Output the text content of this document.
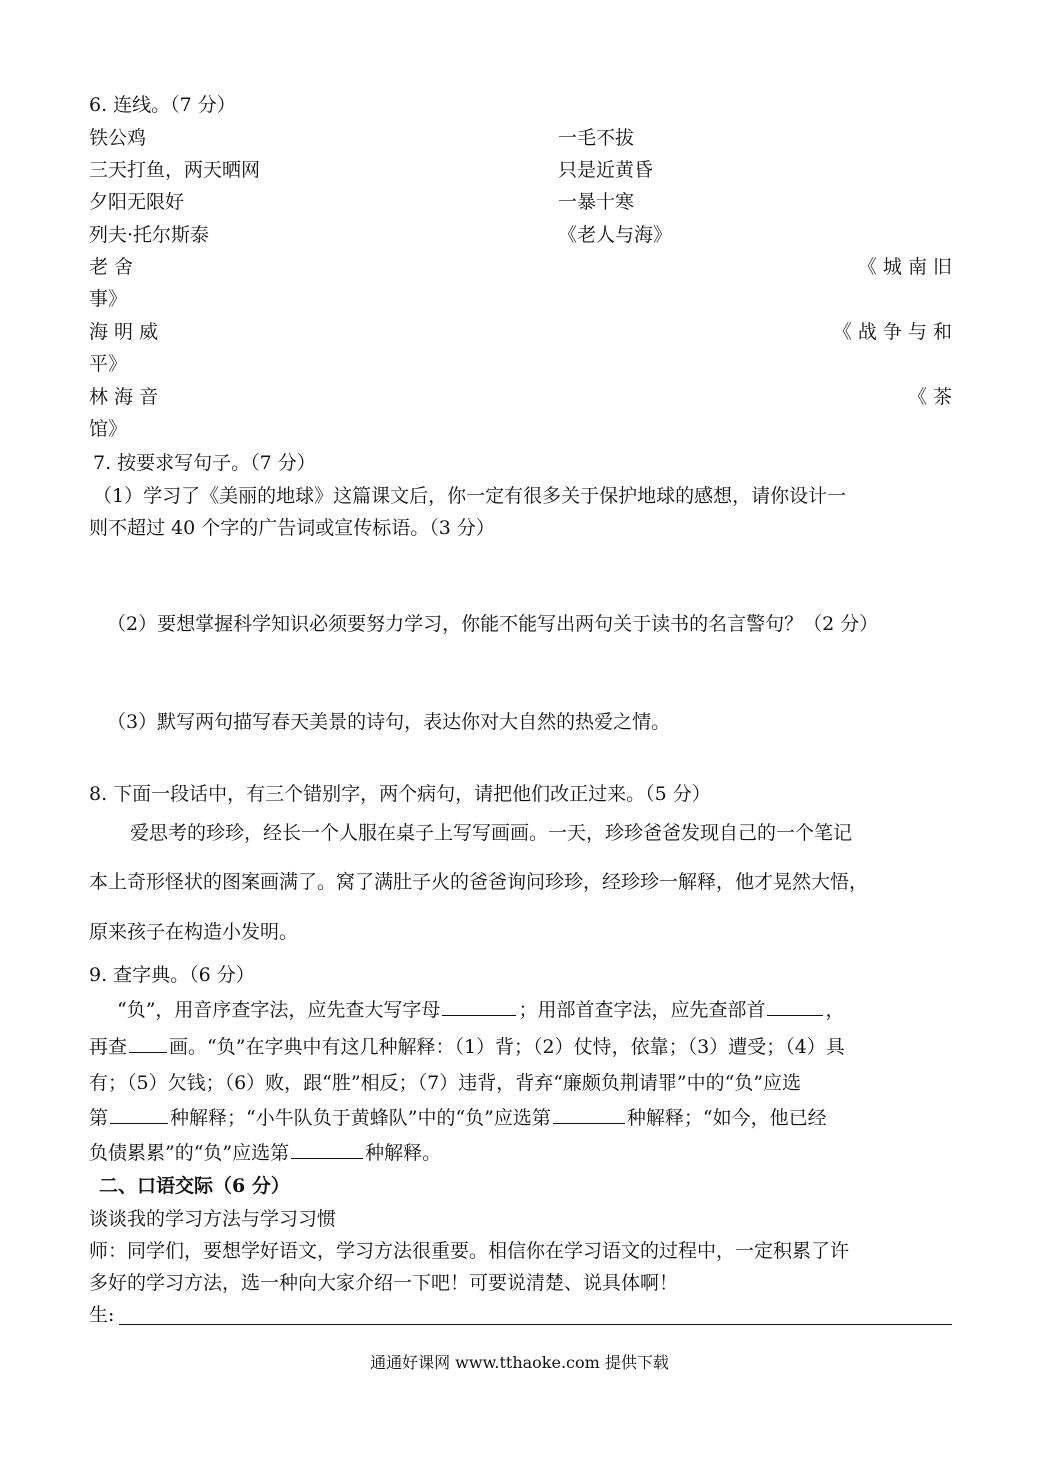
6. 连线。（7 分）
铁公鸡	一毛不拔
三天打鱼，两天晒网	只是近黄昏
夕阳无限好	一暴十寒
列夫·托尔斯泰	《老人与海》
老 舍	《 城 南 旧
事》
海 明 威	《 战 争 与 和
平》
林 海 音	《 茶
馆》
7. 按要求写句子。（7 分）
（1）学习了《美丽的地球》这篇课文后，你一定有很多关于保护地球的感想，请你设计一
则不超过 40 个字的广告词或宣传标语。（3 分）
（2）要想掌握科学知识必须要努力学习，你能不能写出两句关于读书的名言警句？（2 分）
（3）默写两句描写春天美景的诗句，表达你对大自然的热爱之情。
8. 下面一段话中，有三个错别字，两个病句，请把他们改正过来。（5 分）
爱思考的珍珍，经长一个人服在桌子上写写画画。一天，珍珍爸爸发现自己的一个笔记
本上奇形怪状的图案画满了。窝了满肚子火的爸爸询问珍珍，经珍珍一解释，他才晃然大悟，
原来孩子在构造小发明。
9. 查字典。（6 分）
“负”，用音序查字法，应先查大写字母	；用部首查字法，应先查部首	，
再查 画。“负”在字典中有这几种解释：（1）背；（2）仗恃，依靠；（3）遭受；（4）具
有；（5）欠钱；（6）败，跟“胜”相反；（7）违背，背弃“廉颇负荆请罪”中的“负”应选
第	种解释；“小牛队负于黄蜂队”中的“负”应选第	种解释；“如今，他已经
负债累累”的“负”应选第	种解释。
二、口语交际（6 分）
谈谈我的学习方法与学习习惯
师：同学们，要想学好语文，学习方法很重要。相信你在学习语文的过程中，一定积累了许
多好的学习方法，选一种向大家介绍一下吧！可要说清楚、说具体啊！
生:
通通好课网 www.tthaoke.com 提供下载
